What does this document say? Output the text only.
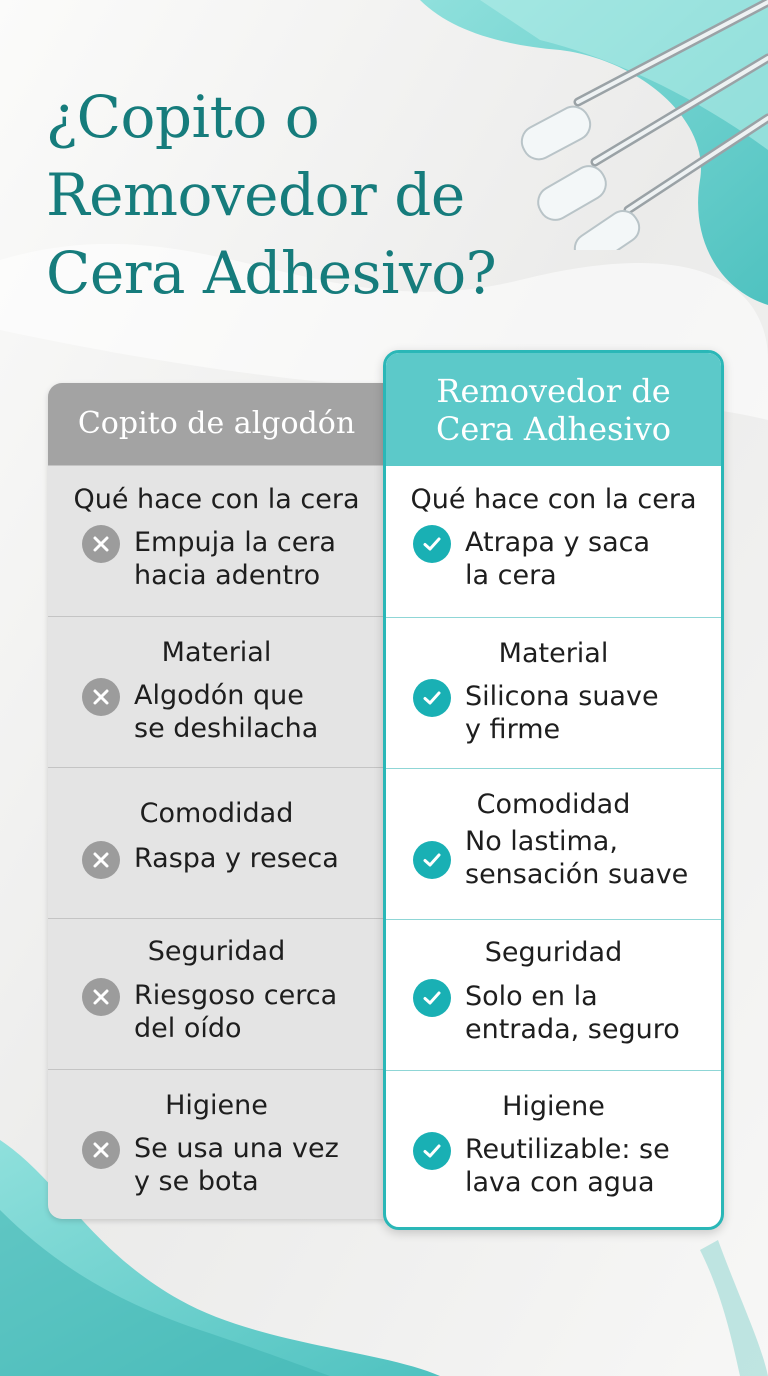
¿Copito o
Removedor de
Cera Adhesivo?
Copito de algodón
Qué hace con la cera
Empuja la cera
hacia adentro
Material
Algodón que
se deshilacha
Comodidad
Raspa y reseca
Seguridad
Riesgoso cerca
del oído
Higiene
Se usa una vez
y se bota
Removedor de
Cera Adhesivo
Qué hace con la cera
Atrapa y saca
la cera
Material
Silicona suave
y firme
Comodidad
No lastima,
sensación suave
Seguridad
Solo en la
entrada, seguro
Higiene
Reutilizable: se
lava con agua
